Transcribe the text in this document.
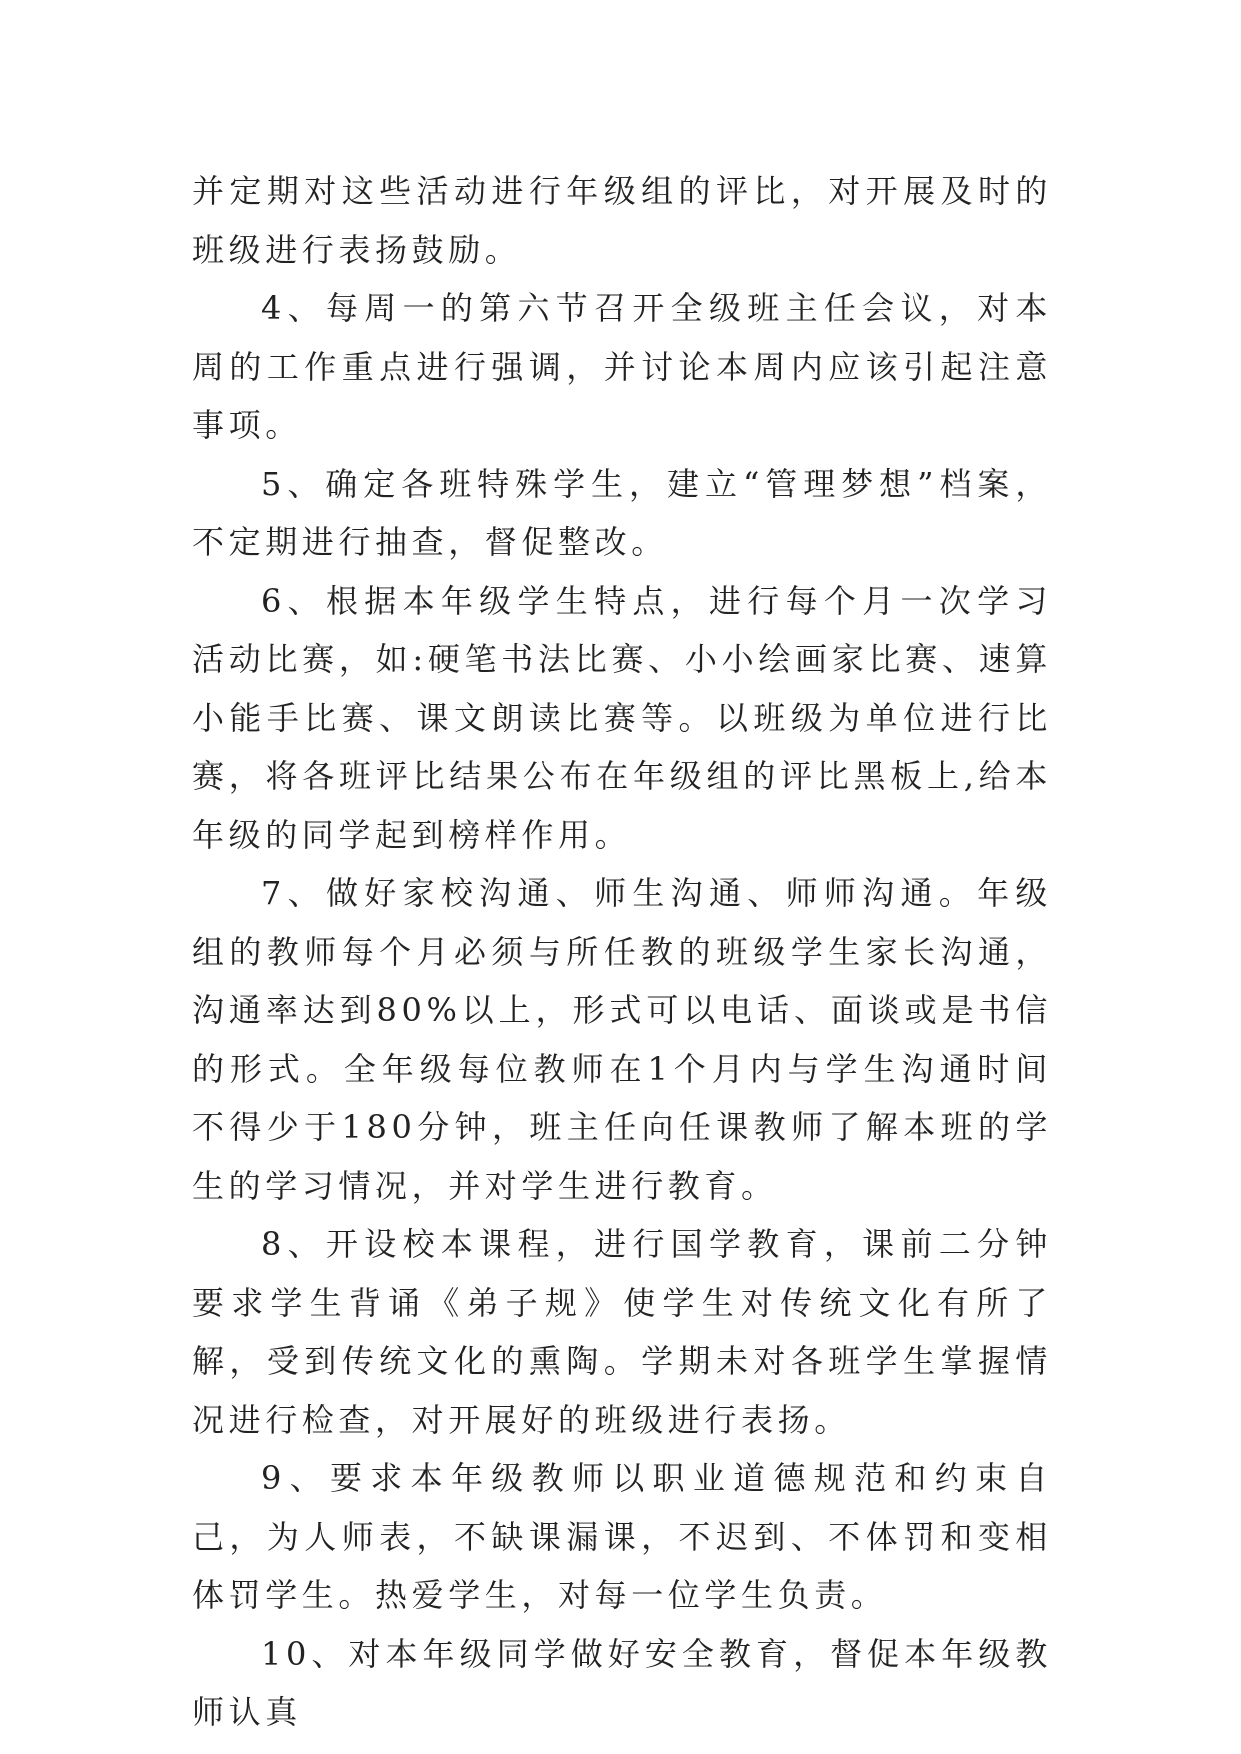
并定期对这些活动进行年级组的评比，对开展及时的班级进行表扬鼓励。

4、每周一的第六节召开全级班主任会议，对本周的工作重点进行强调，并讨论本周内应该引起注意事项。

5、确定各班特殊学生，建立“管理梦想”档案，不定期进行抽查，督促整改。

6、根据本年级学生特点，进行每个月一次学习活动比赛，如:硬笔书法比赛、小小绘画家比赛、速算小能手比赛、课文朗读比赛等。以班级为单位进行比赛，将各班评比结果公布在年级组的评比黑板上,给本年级的同学起到榜样作用。

7、做好家校沟通、师生沟通、师师沟通。年级组的教师每个月必须与所任教的班级学生家长沟通，沟通率达到80%以上，形式可以电话、面谈或是书信的形式。全年级每位教师在1个月内与学生沟通时间不得少于180分钟，班主任向任课教师了解本班的学生的学习情况，并对学生进行教育。

8、开设校本课程，进行国学教育，课前二分钟要求学生背诵《弟子规》使学生对传统文化有所了解，受到传统文化的熏陶。学期未对各班学生掌握情况进行检查，对开展好的班级进行表扬。

9、要求本年级教师以职业道德规范和约束自己，为人师表，不缺课漏课，不迟到、不体罚和变相体罚学生。热爱学生，对每一位学生负责。

10、对本年级同学做好安全教育，督促本年级教师认真
